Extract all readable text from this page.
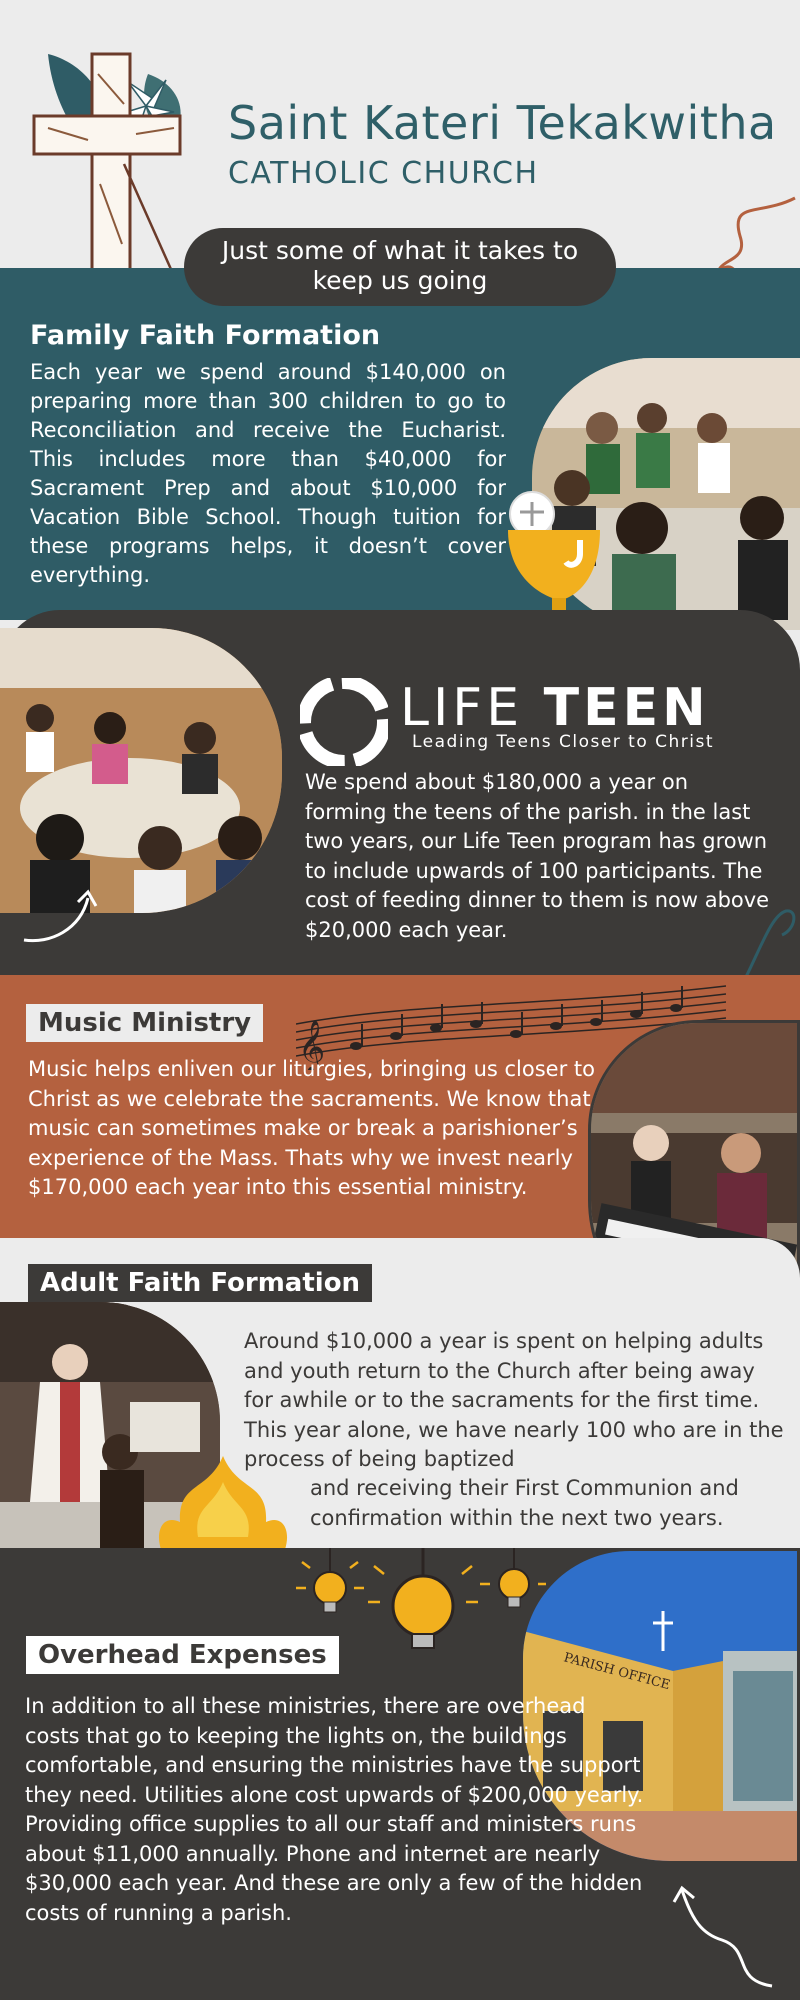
Saint Kateri Tekakwitha
CATHOLIC CHURCH
Just some of what it takes to
keep us going
Family Faith Formation
Each year we spend around $140,000 on preparing more than 300 children to go to Reconciliation and receive the Eucharist. This includes more than $40,000 for Sacrament Prep and about $10,000 for Vacation Bible School. Though tuition for these programs helps, it doesn’t cover everything.
LIFE TEEN
Leading Teens Closer to Christ
We spend about $180,000 a year on forming the teens of the parish. in the last two years, our Life Teen program has grown to include upwards of 100 participants. The cost of feeding dinner to them is now above $20,000 each year.
Music Ministry 𝄞
Music helps enliven our liturgies, bringing us closer to Christ as we celebrate the sacraments. We know that music can sometimes make or break a parishioner’s experience of the Mass. Thats why we invest nearly $170,000 each year into this essential ministry.
Adult Faith Formation
Around $10,000 a year is spent on helping adults and youth return to the Church after being away for awhile or to the sacraments for the first time. This year alone, we have nearly 100 who are in the process of being baptized
and receiving their First Communion and confirmation within the next two years.
Overhead Expenses	PARISH OFFICE
In addition to all these ministries, there are overhead costs that go to keeping the lights on, the buildings comfortable, and ensuring the ministries have the support they need. Utilities alone cost upwards of $200,000 yearly. Providing office supplies to all our staff and ministers runs about $11,000 annually. Phone and internet are nearly $30,000 each year. And these are only a few of the hidden costs of running a parish.
